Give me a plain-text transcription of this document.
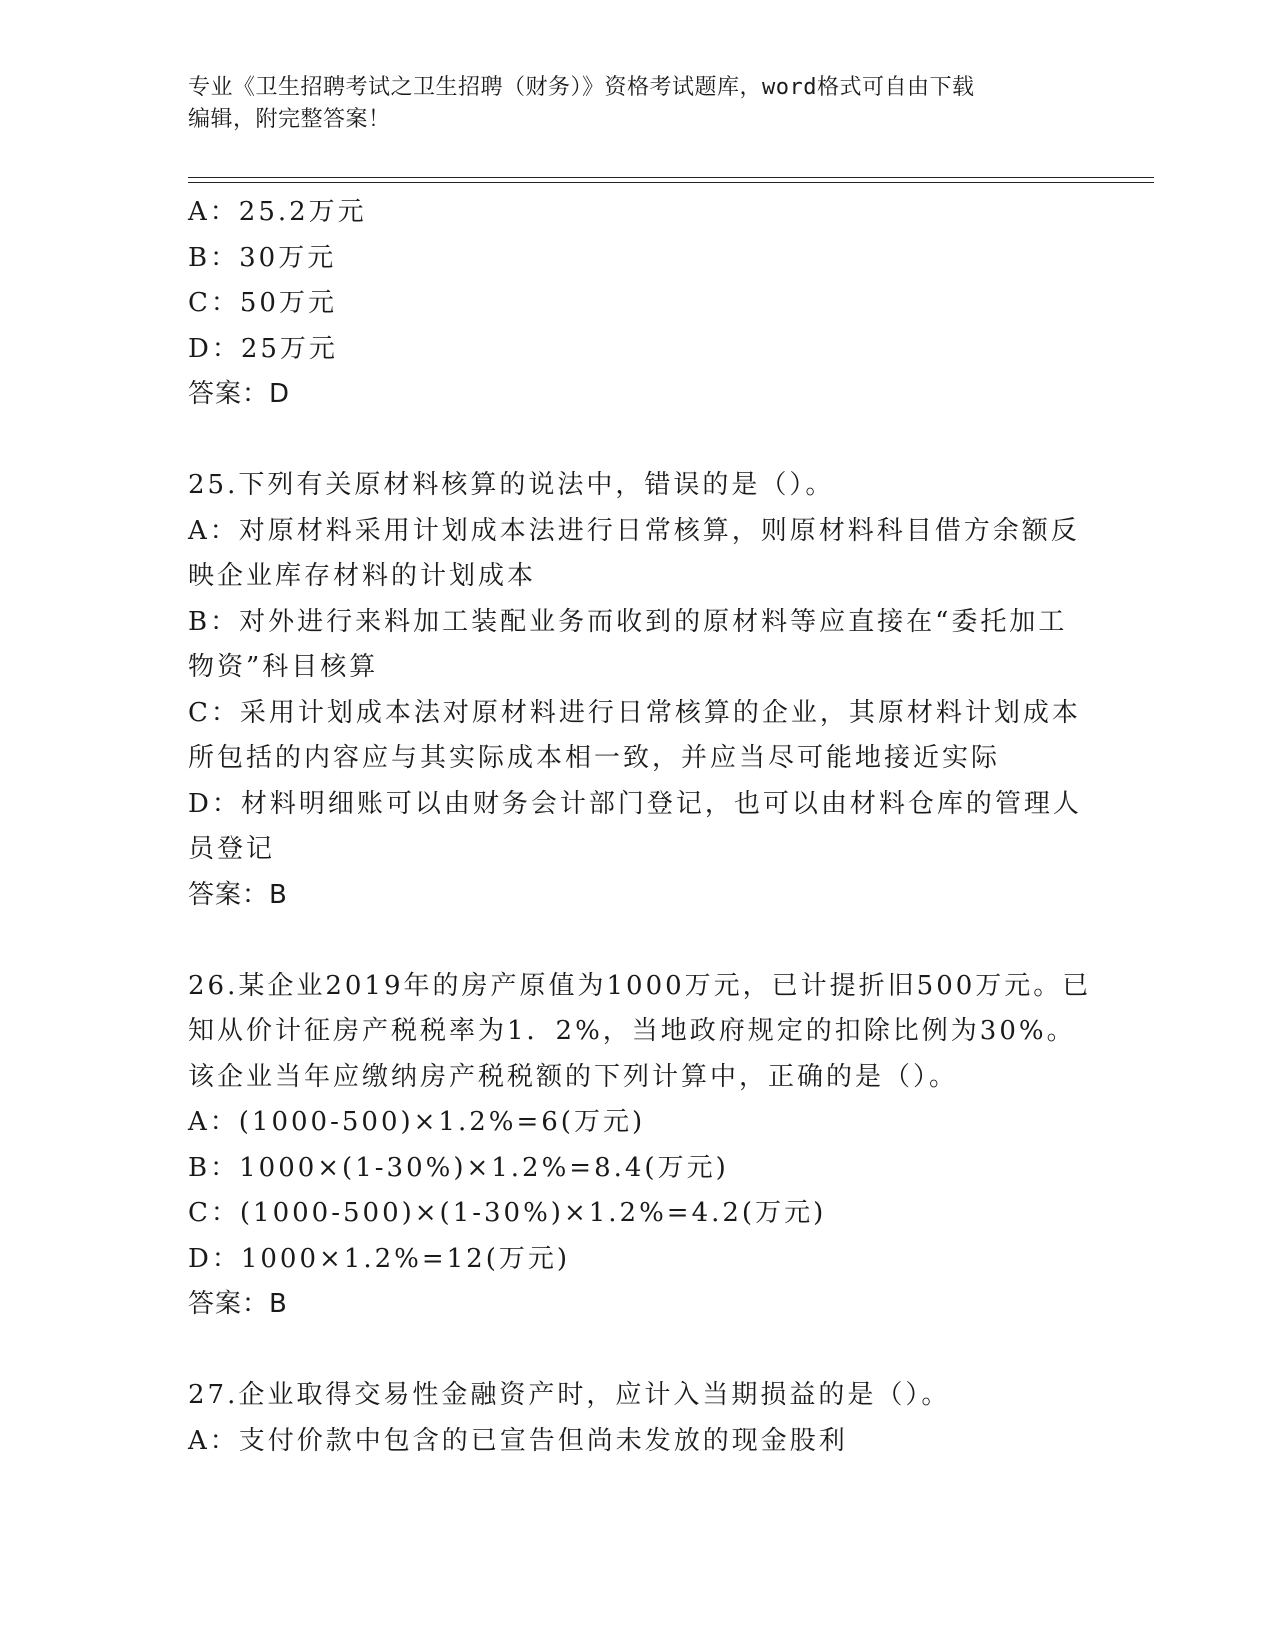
专业《卫生招聘考试之卫生招聘（财务）》资格考试题库，word格式可自由下载
编辑，附完整答案！
A：25.2万元
B：30万元
C：50万元
D：25万元
答案：D
25.下列有关原材料核算的说法中，错误的是（）。
A：对原材料采用计划成本法进行日常核算，则原材料科目借方余额反
映企业库存材料的计划成本
B：对外进行来料加工装配业务而收到的原材料等应直接在“委托加工
物资”科目核算
C：采用计划成本法对原材料进行日常核算的企业，其原材料计划成本
所包括的内容应与其实际成本相一致，并应当尽可能地接近实际
D：材料明细账可以由财务会计部门登记，也可以由材料仓库的管理人
员登记
答案：B
26.某企业2019年的房产原值为1000万元，已计提折旧500万元。已
知从价计征房产税税率为1．2%，当地政府规定的扣除比例为30%。
该企业当年应缴纳房产税税额的下列计算中，正确的是（）。
A：(1000-500)×1.2%=6(万元)
B：1000×(1-30%)×1.2%=8.4(万元)
C：(1000-500)×(1-30%)×1.2%=4.2(万元)
D：1000×1.2%=12(万元)
答案：B
27.企业取得交易性金融资产时，应计入当期损益的是（）。
A：支付价款中包含的已宣告但尚未发放的现金股利
